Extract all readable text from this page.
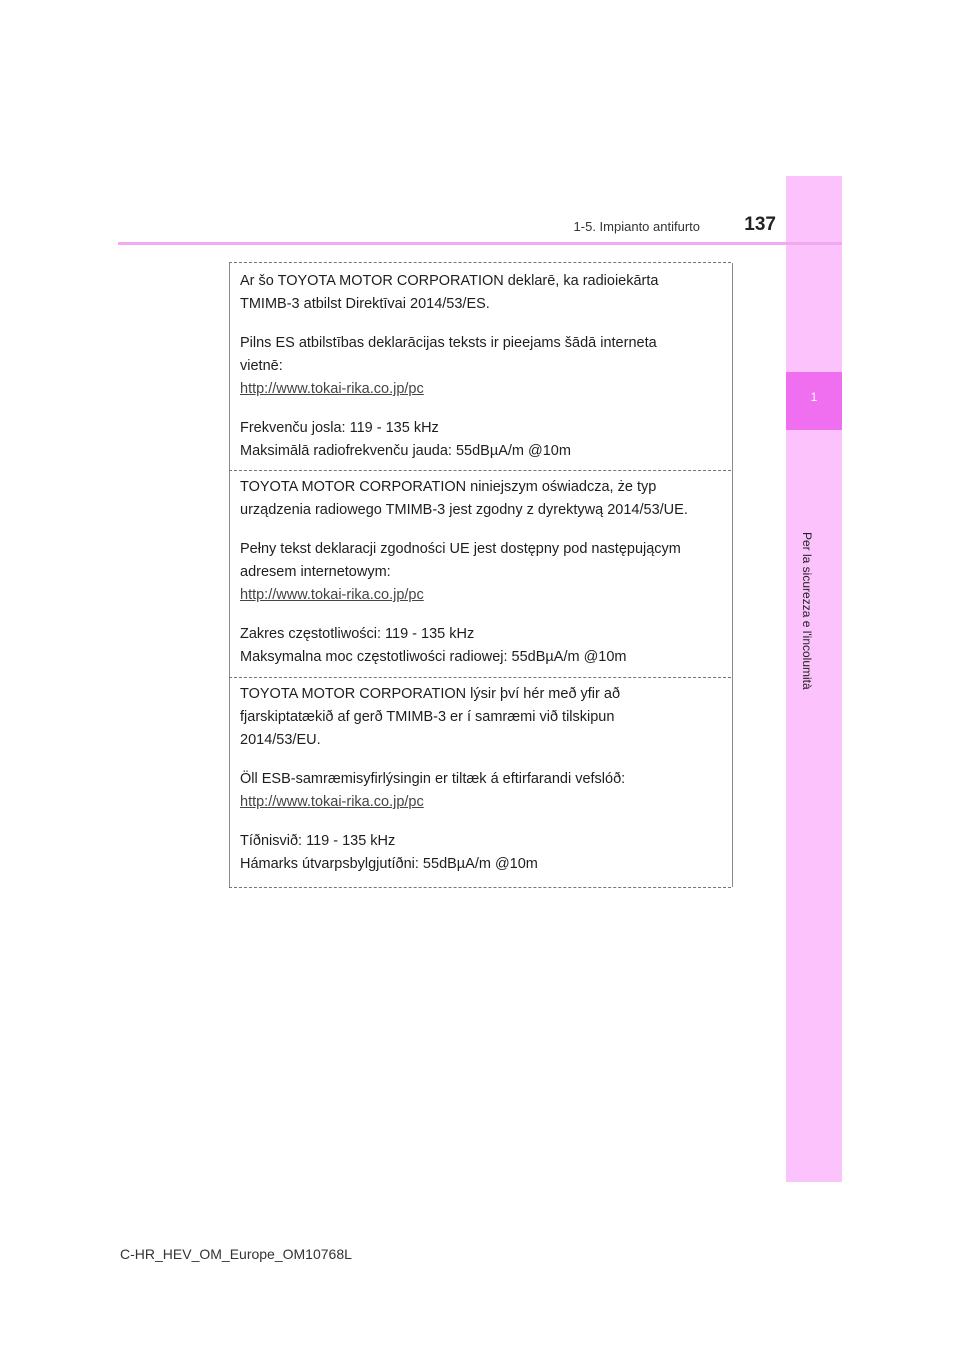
1
Per la sicurezza e l'incolumità
1-5. Impianto antifurto	137

Ar šo TOYOTA MOTOR CORPORATION deklarē, ka radioiekārta

TMIMB-3 atbilst Direktīvai 2014/53/ES.

Pilns ES atbilstības deklarācijas teksts ir pieejams šādā interneta

vietnē:

http://www.tokai-rika.co.jp/pc

Frekvenču josla: 119 - 135 kHz

Maksimālā radiofrekvenču jauda: 55dBµA/m @10m

TOYOTA MOTOR CORPORATION niniejszym oświadcza, że typ

urządzenia radiowego TMIMB-3 jest zgodny z dyrektywą 2014/53/UE.

Pełny tekst deklaracji zgodności UE jest dostępny pod następującym

adresem internetowym:

http://www.tokai-rika.co.jp/pc

Zakres częstotliwości: 119 - 135 kHz

Maksymalna moc częstotliwości radiowej: 55dBµA/m @10m

TOYOTA MOTOR CORPORATION lýsir því hér með yfir að

fjarskiptatækið af gerð TMIMB-3 er í samræmi við tilskipun

2014/53/EU.

Öll ESB-samræmisyfirlýsingin er tiltæk á eftirfarandi vefslóð:

http://www.tokai-rika.co.jp/pc

Tíðnisvið: 119 - 135 kHz

Hámarks útvarpsbylgjutíðni: 55dBµA/m @10m

C-HR_HEV_OM_Europe_OM10768L
